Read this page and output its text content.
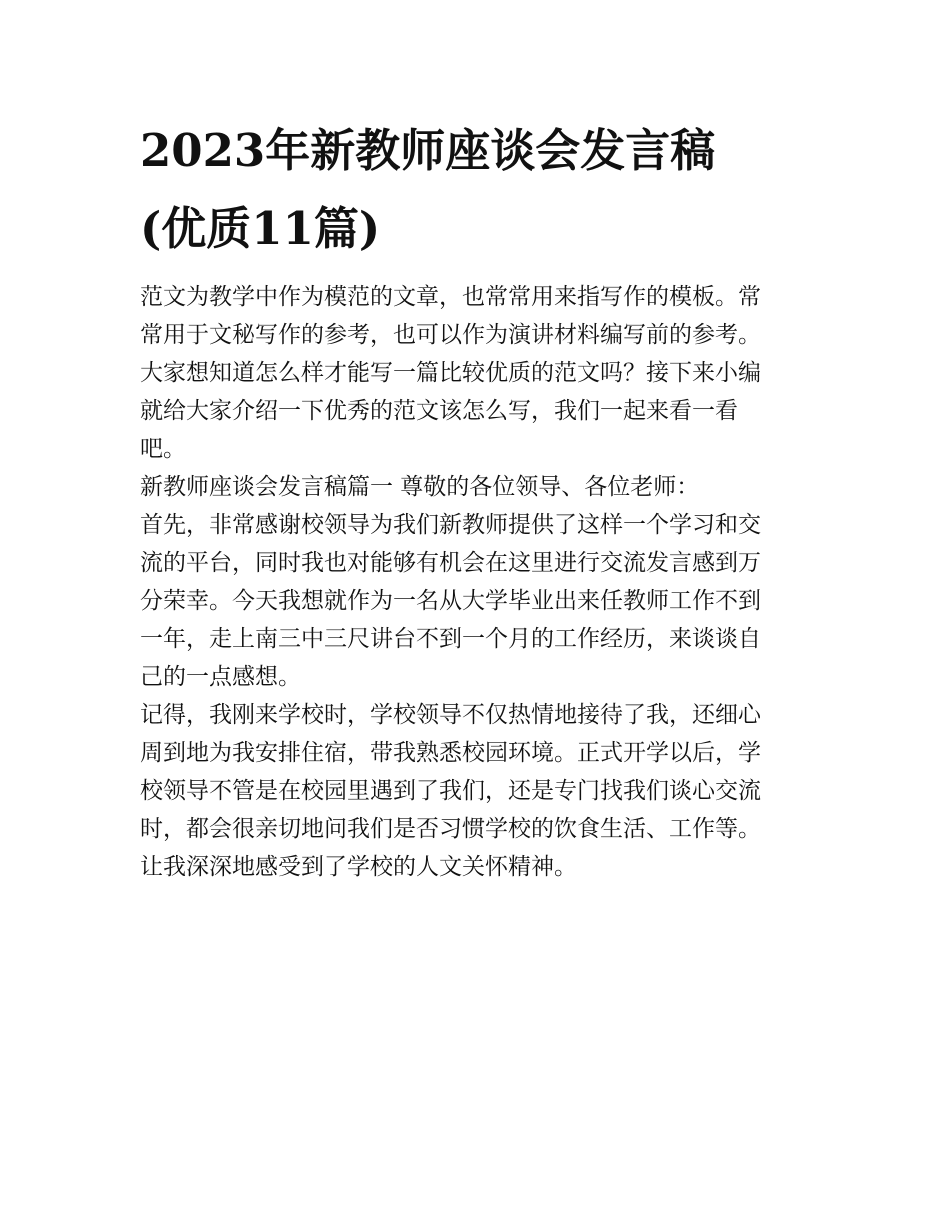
2023年新教师座谈会发言稿
(优质11篇)

范文为教学中作为模范的文章，也常常用来指写作的模板。常
常用于文秘写作的参考，也可以作为演讲材料编写前的参考。
大家想知道怎么样才能写一篇比较优质的范文吗？接下来小编
就给大家介绍一下优秀的范文该怎么写，我们一起来看一看
吧。

新教师座谈会发言稿篇一 尊敬的各位领导、各位老师：

首先，非常感谢校领导为我们新教师提供了这样一个学习和交
流的平台，同时我也对能够有机会在这里进行交流发言感到万
分荣幸。今天我想就作为一名从大学毕业出来任教师工作不到
一年，走上南三中三尺讲台不到一个月的工作经历，来谈谈自
己的一点感想。

记得，我刚来学校时，学校领导不仅热情地接待了我，还细心
周到地为我安排住宿，带我熟悉校园环境。正式开学以后，学
校领导不管是在校园里遇到了我们，还是专门找我们谈心交流
时，都会很亲切地问我们是否习惯学校的饮食生活、工作等。
让我深深地感受到了学校的人文关怀精神。
